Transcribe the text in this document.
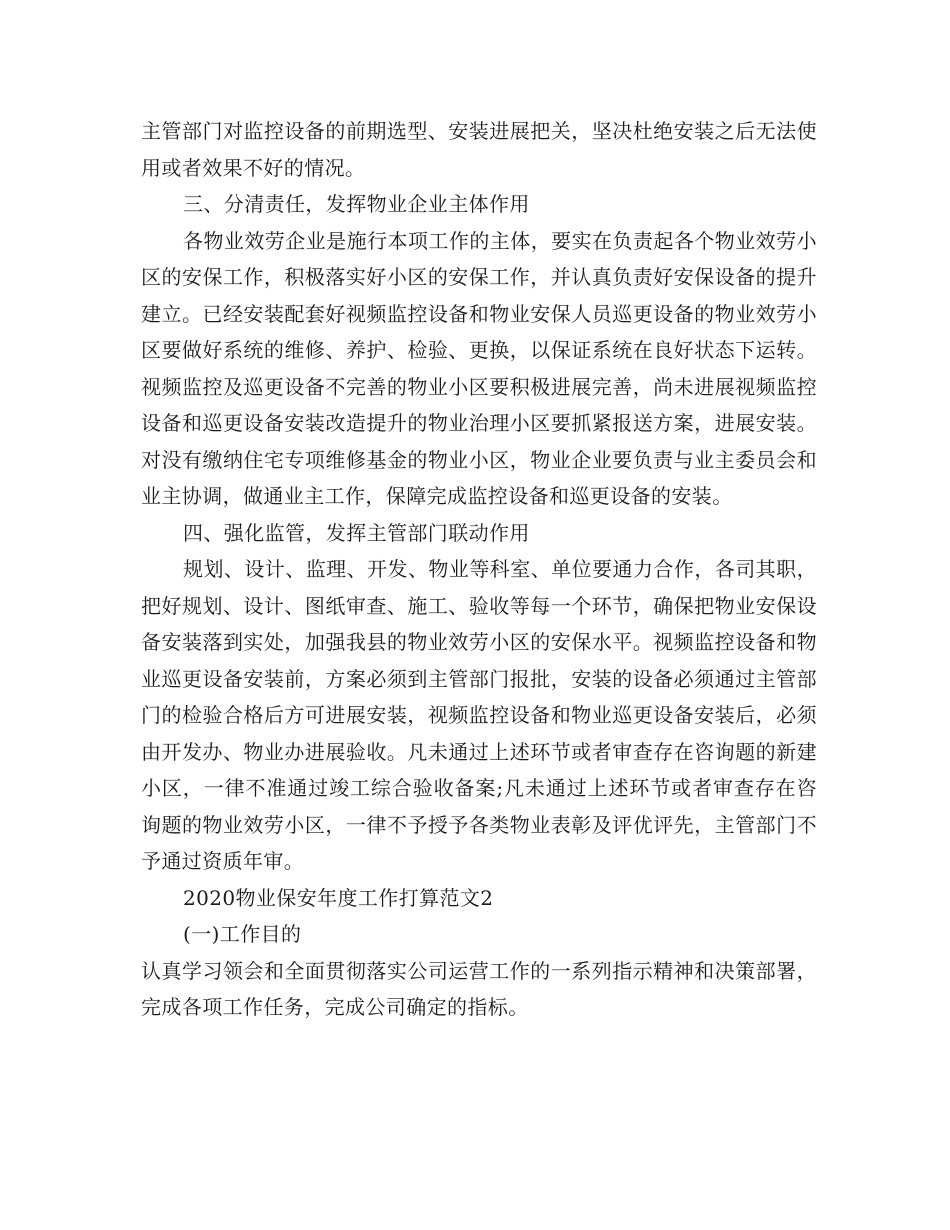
主管部门对监控设备的前期选型、安装进展把关，坚决杜绝安装之后无法使用或者效果不好的情况。

三、分清责任，发挥物业企业主体作用

各物业效劳企业是施行本项工作的主体，要实在负责起各个物业效劳小区的安保工作，积极落实好小区的安保工作，并认真负责好安保设备的提升建立。已经安装配套好视频监控设备和物业安保人员巡更设备的物业效劳小区要做好系统的维修、养护、检验、更换，以保证系统在良好状态下运转。视频监控及巡更设备不完善的物业小区要积极进展完善，尚未进展视频监控设备和巡更设备安装改造提升的物业治理小区要抓紧报送方案，进展安装。对没有缴纳住宅专项维修基金的物业小区，物业企业要负责与业主委员会和业主协调，做通业主工作，保障完成监控设备和巡更设备的安装。

四、强化监管，发挥主管部门联动作用

规划、设计、监理、开发、物业等科室、单位要通力合作，各司其职，把好规划、设计、图纸审查、施工、验收等每一个环节，确保把物业安保设备安装落到实处，加强我县的物业效劳小区的安保水平。视频监控设备和物业巡更设备安装前，方案必须到主管部门报批，安装的设备必须通过主管部门的检验合格后方可进展安装，视频监控设备和物业巡更设备安装后，必须由开发办、物业办进展验收。凡未通过上述环节或者审查存在咨询题的新建小区，一律不准通过竣工综合验收备案;凡未通过上述环节或者审查存在咨询题的物业效劳小区，一律不予授予各类物业表彰及评优评先，主管部门不予通过资质年审。

2020物业保安年度工作打算范文2

(一)工作目的

认真学习领会和全面贯彻落实公司运营工作的一系列指示精神和决策部署，完成各项工作任务，完成公司确定的指标。
